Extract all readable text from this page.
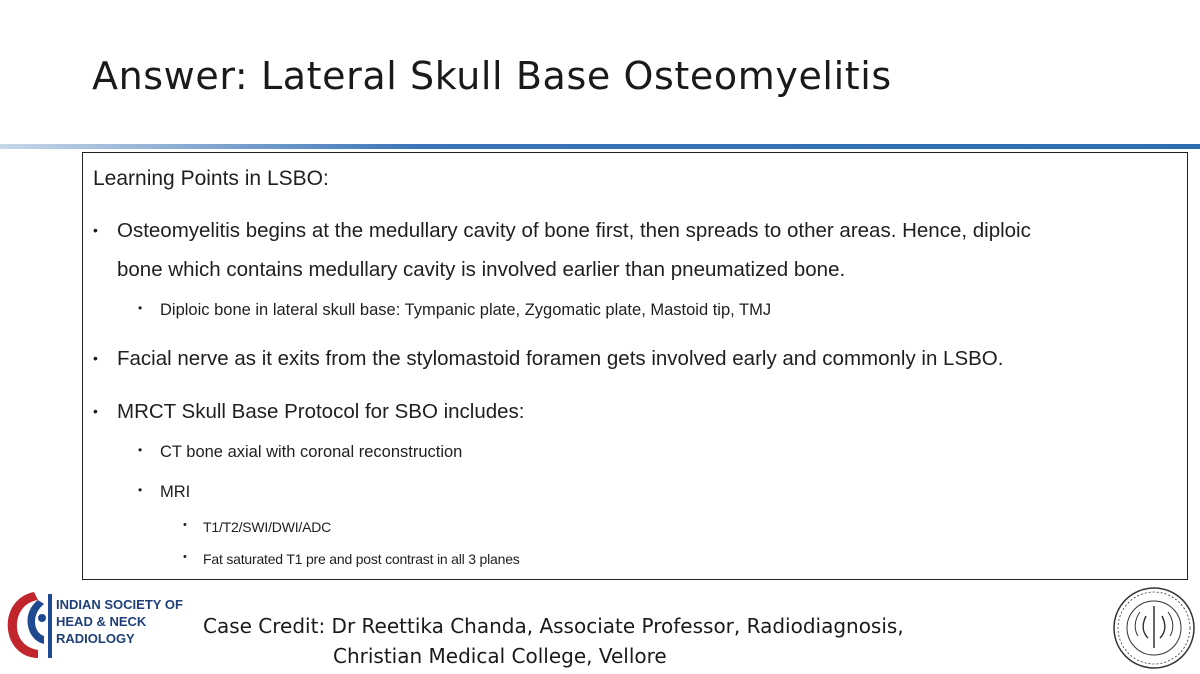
Answer: Lateral Skull Base Osteomyelitis
Learning Points in LSBO:
• Osteomyelitis begins at the medullary cavity of bone first, then spreads to other areas. Hence, diploic
bone which contains medullary cavity is involved earlier than pneumatized bone.
• Diploic bone in lateral skull base: Tympanic plate, Zygomatic plate, Mastoid tip, TMJ
• Facial nerve as it exits from the stylomastoid foramen gets involved early and commonly in LSBO.
• MRCT Skull Base Protocol for SBO includes:
• CT bone axial with coronal reconstruction
• MRI
• T1/T2/SWI/DWI/ADC
• Fat saturated T1 pre and post contrast in all 3 planes
INDIAN SOCIETY OF
HEAD & NECK
RADIOLOGY
Case Credit: Dr Reettika Chanda, Associate Professor, Radiodiagnosis,
Christian Medical College, Vellore
